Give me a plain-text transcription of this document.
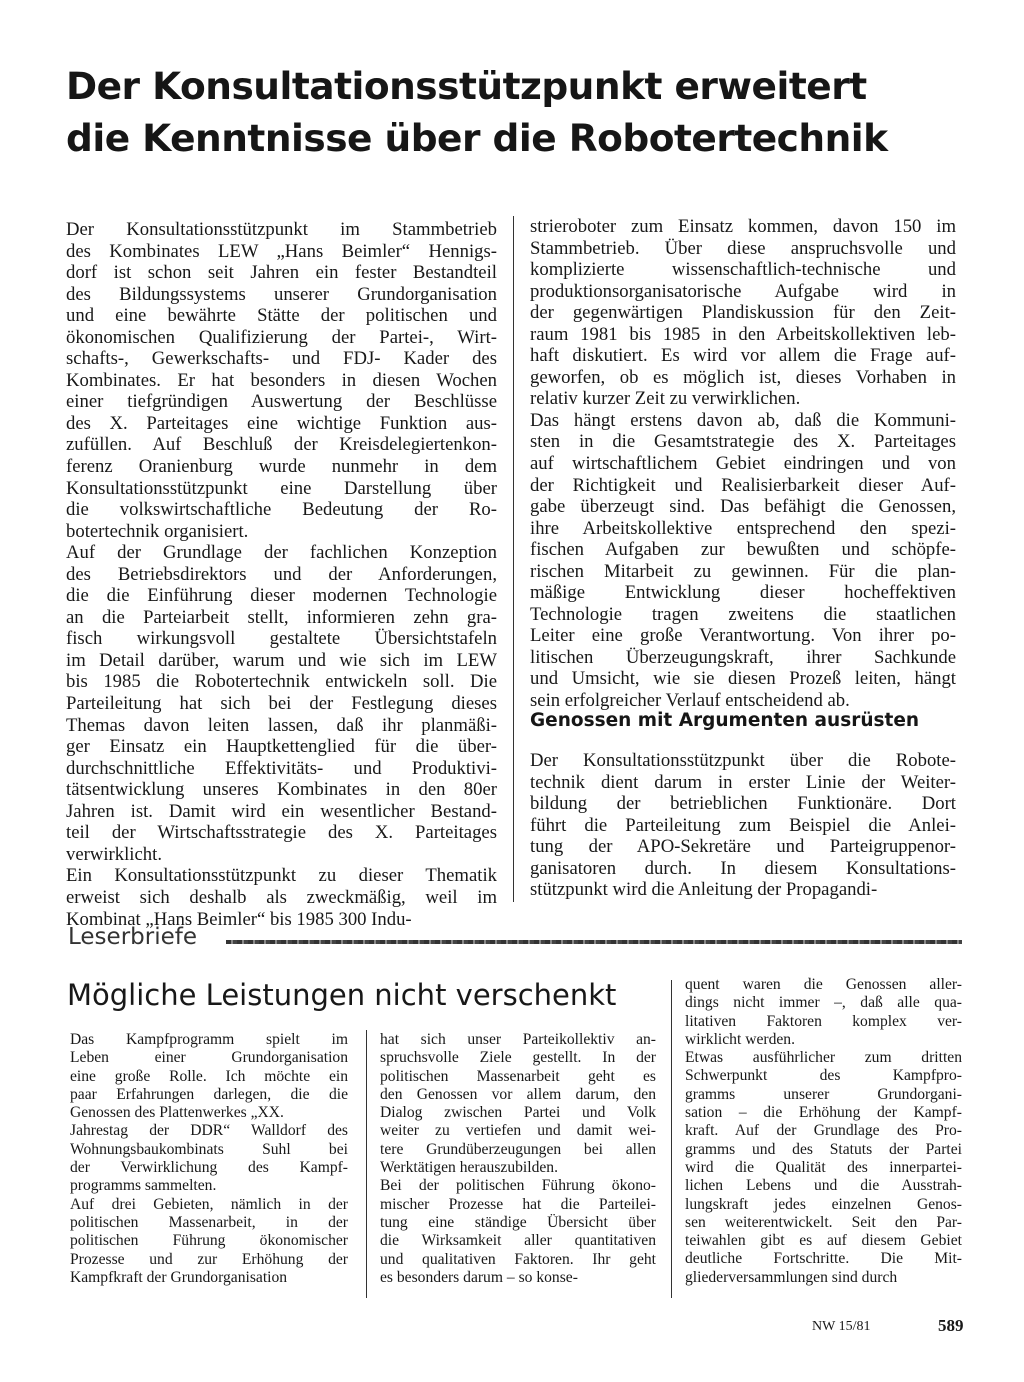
Der Konsultationsstützpunkt erweitert
die Kenntnisse über die Robotertechnik
Der Konsultationsstützpunkt im Stammbetrieb
des Kombinates LEW „Hans Beimler“ Hennigs-
dorf ist schon seit Jahren ein fester Bestandteil
des Bildungssystems unserer Grundorganisation
und eine bewährte Stätte der politischen und
ökonomischen Qualifizierung der Partei-, Wirt-
schafts-, Gewerkschafts- und FDJ- Kader des
Kombinates. Er hat besonders in diesen Wochen
einer tiefgründigen Auswertung der Beschlüsse
des X. Parteitages eine wichtige Funktion aus-
zufüllen. Auf Beschluß der Kreisdelegiertenkon-
ferenz Oranienburg wurde nunmehr in dem
Konsultationsstützpunkt eine Darstellung über
die volkswirtschaftliche Bedeutung der Ro-
botertechnik organisiert.
Auf der Grundlage der fachlichen Konzeption
des Betriebsdirektors und der Anforderungen,
die die Einführung dieser modernen Technologie
an die Parteiarbeit stellt, informieren zehn gra-
fisch wirkungsvoll gestaltete Übersichtstafeln
im Detail darüber, warum und wie sich im LEW
bis 1985 die Robotertechnik entwickeln soll. Die
Parteileitung hat sich bei der Festlegung dieses
Themas davon leiten lassen, daß ihr planmäßi-
ger Einsatz ein Hauptkettenglied für die über-
durchschnittliche Effektivitäts- und Produktivi-
tätsentwicklung unseres Kombinates in den 80er
Jahren ist. Damit wird ein wesentlicher Bestand-
teil der Wirtschaftsstrategie des X. Parteitages
verwirklicht.
Ein Konsultationsstützpunkt zu dieser Thematik
erweist sich deshalb als zweckmäßig, weil im
Kombinat „Hans Beimler“ bis 1985 300 Indu-
strieroboter zum Einsatz kommen, davon 150 im
Stammbetrieb. Über diese anspruchsvolle und
komplizierte wissenschaftlich-technische und
produktionsorganisatorische Aufgabe wird in
der gegenwärtigen Plandiskussion für den Zeit-
raum 1981 bis 1985 in den Arbeitskollektiven leb-
haft diskutiert. Es wird vor allem die Frage auf-
geworfen, ob es möglich ist, dieses Vorhaben in
relativ kurzer Zeit zu verwirklichen.
Das hängt erstens davon ab, daß die Kommuni-
sten in die Gesamtstrategie des X. Parteitages
auf wirtschaftlichem Gebiet eindringen und von
der Richtigkeit und Realisierbarkeit dieser Auf-
gabe überzeugt sind. Das befähigt die Genossen,
ihre Arbeitskollektive entsprechend den spezi-
fischen Aufgaben zur bewußten und schöpfe-
rischen Mitarbeit zu gewinnen. Für die plan-
mäßige Entwicklung dieser hocheffektiven
Technologie tragen zweitens die staatlichen
Leiter eine große Verantwortung. Von ihrer po-
litischen Überzeugungskraft, ihrer Sachkunde
und Umsicht, wie sie diesen Prozeß leiten, hängt
sein erfolgreicher Verlauf entscheidend ab.
Genossen mit Argumenten ausrüsten
Der Konsultationsstützpunkt über die Robote-
technik dient darum in erster Linie der Weiter-
bildung der betrieblichen Funktionäre. Dort
führt die Parteileitung zum Beispiel die Anlei-
tung der APO-Sekretäre und Parteigruppenor-
ganisatoren durch. In diesem Konsultations-
stützpunkt wird die Anleitung der Propagandi-
Leserbriefe
Mögliche Leistungen nicht verschenkt
Das Kampfprogramm spielt im
Leben einer Grundorganisation
eine große Rolle. Ich möchte ein
paar Erfahrungen darlegen, die die
Genossen des Plattenwerkes „XX.
Jahrestag der DDR“ Walldorf des
Wohnungsbaukombinats Suhl bei
der Verwirklichung des Kampf-
programms sammelten.
Auf drei Gebieten, nämlich in der
politischen Massenarbeit, in der
politischen Führung ökonomischer
Prozesse und zur Erhöhung der
Kampfkraft der Grundorganisation
hat sich unser Parteikollektiv an-
spruchsvolle Ziele gestellt. In der
politischen Massenarbeit geht es
den Genossen vor allem darum, den
Dialog zwischen Partei und Volk
weiter zu vertiefen und damit wei-
tere Grundüberzeugungen bei allen
Werktätigen herauszubilden.
Bei der politischen Führung ökono-
mischer Prozesse hat die Parteilei-
tung eine ständige Übersicht über
die Wirksamkeit aller quantitativen
und qualitativen Faktoren. Ihr geht
es besonders darum – so konse-
quent waren die Genossen aller-
dings nicht immer –, daß alle qua-
litativen Faktoren komplex ver-
wirklicht werden.
Etwas ausführlicher zum dritten
Schwerpunkt des Kampfpro-
gramms unserer Grundorgani-
sation – die Erhöhung der Kampf-
kraft. Auf der Grundlage des Pro-
gramms und des Statuts der Partei
wird die Qualität des innerpartei-
lichen Lebens und die Ausstrah-
lungskraft jedes einzelnen Genos-
sen weiterentwickelt. Seit den Par-
teiwahlen gibt es auf diesem Gebiet
deutliche Fortschritte. Die Mit-
gliederversammlungen sind durch
NW 15/81	589
